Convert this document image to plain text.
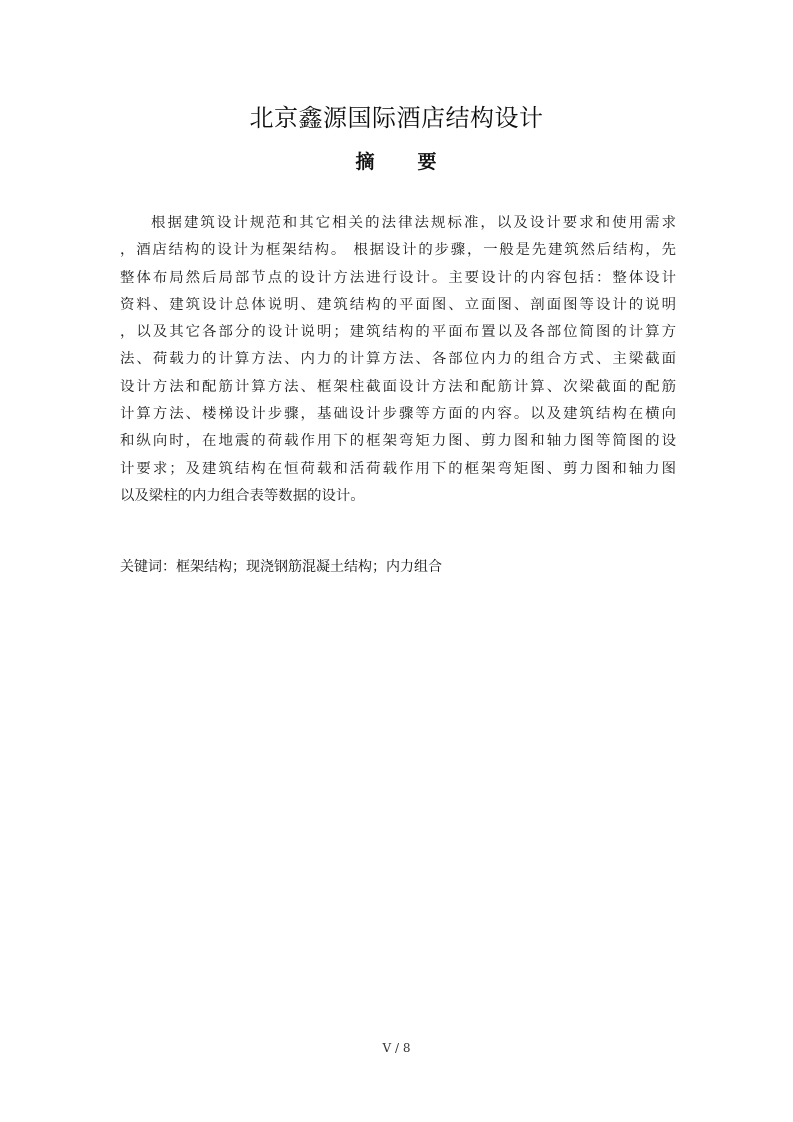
北京鑫源国际酒店结构设计
摘 要
根据建筑设计规范和其它相关的法律法规标准，以及设计要求和使用需求
，酒店结构的设计为框架结构。 根据设计的步骤，一般是先建筑然后结构，先
整体布局然后局部节点的设计方法进行设计。主要设计的内容包括：整体设计
资料、建筑设计总体说明、建筑结构的平面图、立面图、剖面图等设计的说明
，以及其它各部分的设计说明；建筑结构的平面布置以及各部位简图的计算方
法、荷载力的计算方法、内力的计算方法、各部位内力的组合方式、主梁截面
设计方法和配筋计算方法、框架柱截面设计方法和配筋计算、次梁截面的配筋
计算方法、楼梯设计步骤，基础设计步骤等方面的内容。以及建筑结构在横向
和纵向时，在地震的荷载作用下的框架弯矩力图、剪力图和轴力图等简图的设
计要求；及建筑结构在恒荷载和活荷载作用下的框架弯矩图、剪力图和轴力图
以及梁柱的内力组合表等数据的设计。

关键词：框架结构；现浇钢筋混凝土结构；内力组合

V / 8
